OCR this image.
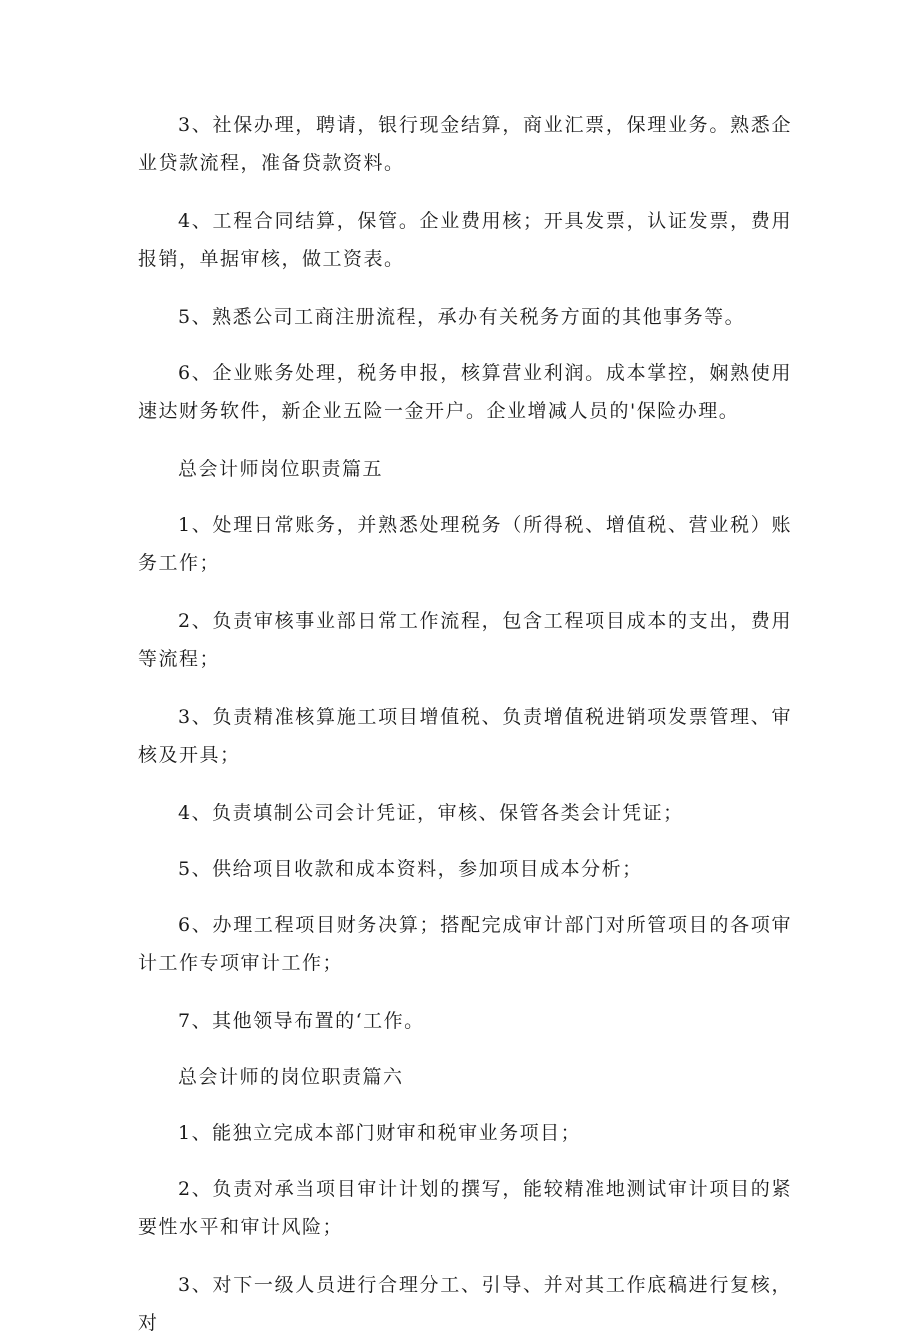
3、社保办理，聘请，银行现金结算，商业汇票，保理业务。熟悉企业贷款流程，准备贷款资料。

4、工程合同结算，保管。企业费用核；开具发票，认证发票，费用报销，单据审核，做工资表。

5、熟悉公司工商注册流程，承办有关税务方面的其他事务等。

6、企业账务处理，税务申报，核算营业利润。成本掌控，娴熟使用速达财务软件，新企业五险一金开户。企业增减人员的'保险办理。

总会计师岗位职责篇五

1、处理日常账务，并熟悉处理税务（所得税、增值税、营业税）账务工作；

2、负责审核事业部日常工作流程，包含工程项目成本的支出，费用等流程；

3、负责精准核算施工项目增值税、负责增值税进销项发票管理、审核及开具；

4、负责填制公司会计凭证，审核、保管各类会计凭证；

5、供给项目收款和成本资料，参加项目成本分析；

6、办理工程项目财务决算；搭配完成审计部门对所管项目的各项审计工作专项审计工作；

7、其他领导布置的‘工作。

总会计师的岗位职责篇六

1、能独立完成本部门财审和税审业务项目；

2、负责对承当项目审计计划的撰写，能较精准地测试审计项目的紧要性水平和审计风险；

3、对下一级人员进行合理分工、引导、并对其工作底稿进行复核，对
